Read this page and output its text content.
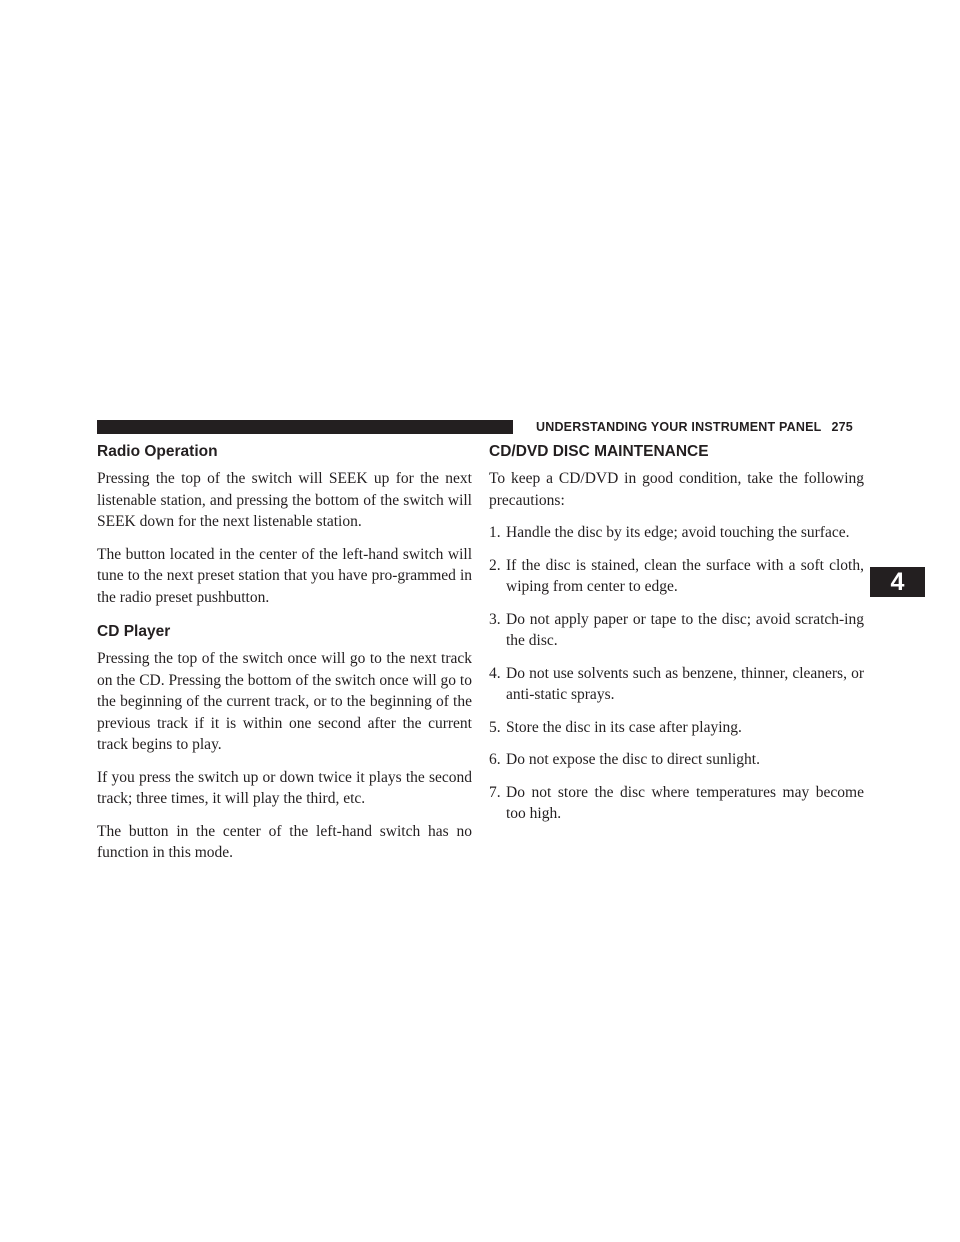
UNDERSTANDING YOUR INSTRUMENT PANEL 275
4
Radio Operation

Pressing the top of the switch will SEEK up for the next listenable station, and pressing the bottom of the switch will SEEK down for the next listenable station.

The button located in the center of the left-hand switch will tune to the next preset station that you have pro-grammed in the radio preset pushbutton.

CD Player

Pressing the top of the switch once will go to the next track on the CD. Pressing the bottom of the switch once will go to the beginning of the current track, or to the beginning of the previous track if it is within one second after the current track begins to play.

If you press the switch up or down twice it plays the second track; three times, it will play the third, etc.

The button in the center of the left-hand switch has no function in this mode.

CD/DVD DISC MAINTENANCE

To keep a CD/DVD in good condition, take the following precautions:

1. Handle the disc by its edge; avoid touching the surface.
2. If the disc is stained, clean the surface with a soft cloth, wiping from center to edge.
3. Do not apply paper or tape to the disc; avoid scratch-ing the disc.
4. Do not use solvents such as benzene, thinner, cleaners, or anti-static sprays.
5. Store the disc in its case after playing.
6. Do not expose the disc to direct sunlight.
7. Do not store the disc where temperatures may become too high.
